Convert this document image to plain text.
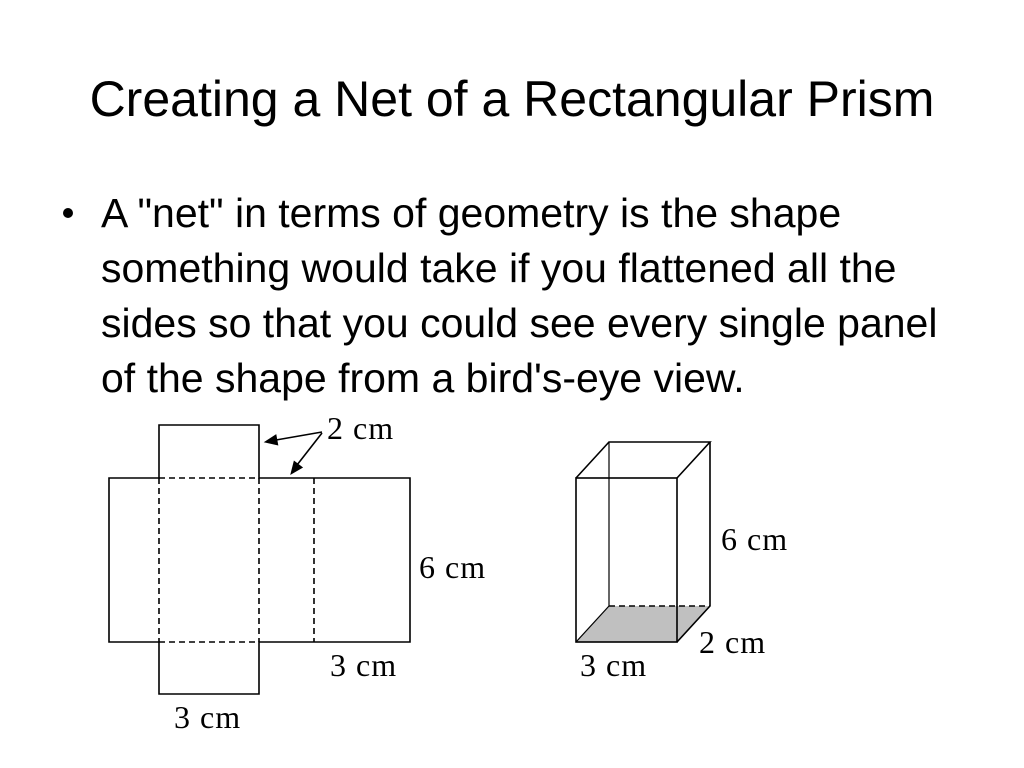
Creating a Net of a Rectangular Prism
A "net" in terms of geometry is the shape
something would take if you flattened all the
sides so that you could see every single panel
of the shape from a bird's-eye view.
2 cm
6 cm
3 cm
3 cm
6 cm
2 cm
3 cm
